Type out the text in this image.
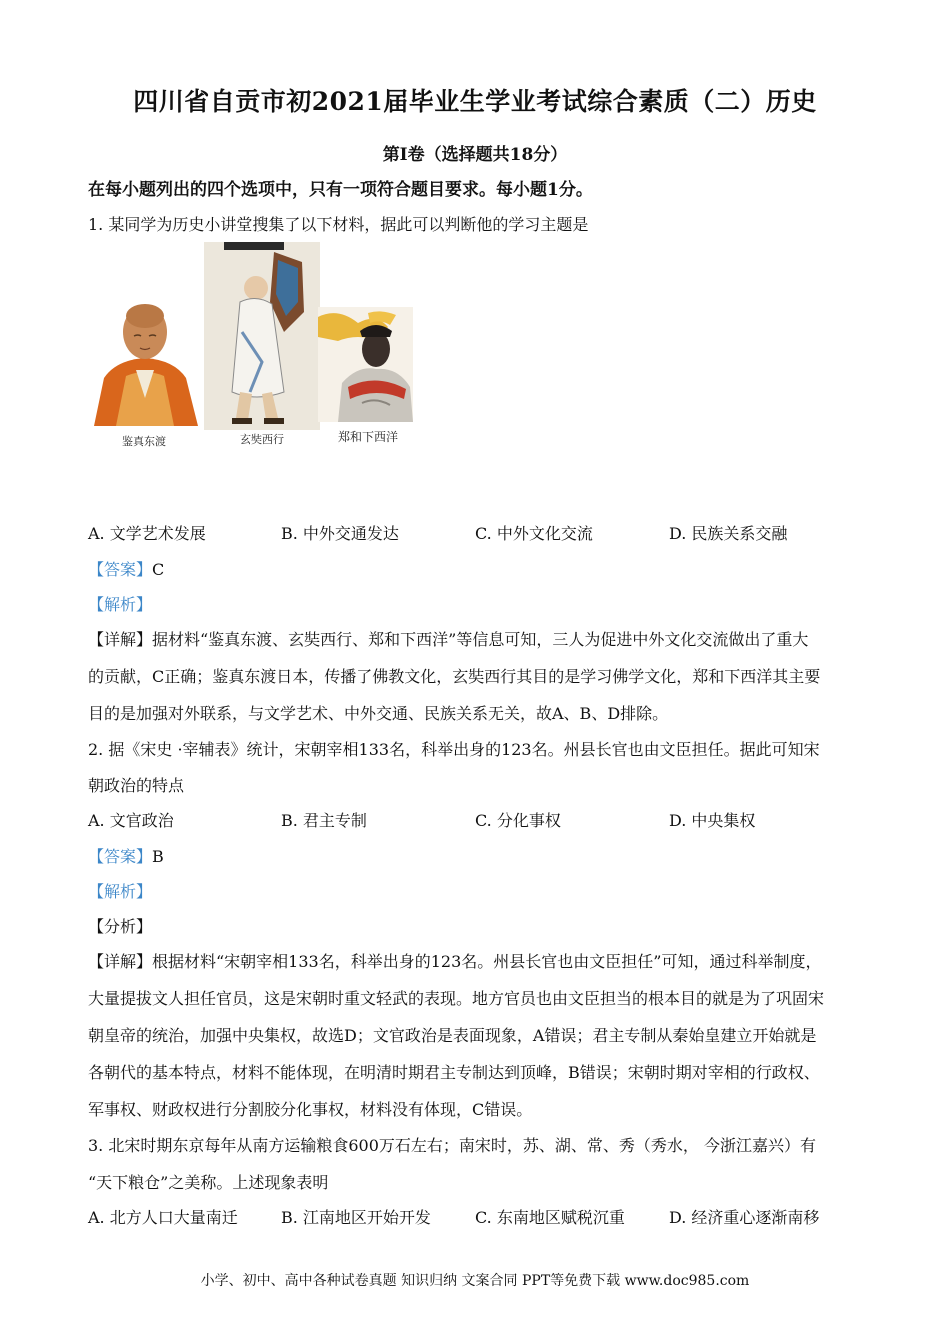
四川省自贡市初2021届毕业生学业考试综合素质（二）历史
第Ⅰ卷（选择题共18分）
在每小题列出的四个选项中，只有一项符合题目要求。每小题1分。
1. 某同学为历史小讲堂搜集了以下材料，据此可以判断他的学习主题是
鉴真东渡	玄奘西行	郑和下西洋
A. 文学艺术发展	B. 中外交通发达	C. 中外文化交流	D. 民族关系交融
【答案】C
【解析】
【详解】据材料“鉴真东渡、玄奘西行、郑和下西洋”等信息可知，三人为促进中外文化交流做出了重大
的贡献，C正确；鉴真东渡日本，传播了佛教文化，玄奘西行其目的是学习佛学文化，郑和下西洋其主要
目的是加强对外联系，与文学艺术、中外交通、民族关系无关，故A、B、D排除。
2. 据《宋史 ·宰辅表》统计，宋朝宰相133名，科举出身的123名。州县长官也由文臣担任。据此可知宋
朝政治的特点
A. 文官政治	B. 君主专制	C. 分化事权	D. 中央集权
【答案】B
【解析】
【分析】
【详解】根据材料“宋朝宰相133名，科举出身的123名。州县长官也由文臣担任”可知，通过科举制度，
大量提拔文人担任官员，这是宋朝时重文轻武的表现。地方官员也由文臣担当的根本目的就是为了巩固宋
朝皇帝的统治，加强中央集权，故选D；文官政治是表面现象，A错误；君主专制从秦始皇建立开始就是
各朝代的基本特点，材料不能体现，在明清时期君主专制达到顶峰，B错误；宋朝时期对宰相的行政权、
军事权、财政权进行分割胶分化事权，材料没有体现，C错误。
3. 北宋时期东京每年从南方运输粮食600万石左右；南宋时，苏、湖、常、秀（秀水， 今浙江嘉兴）有
“天下粮仓”之美称。上述现象表明
A. 北方人口大量南迁	B. 江南地区开始开发	C. 东南地区赋税沉重	D. 经济重心逐渐南移
小学、初中、高中各种试卷真题 知识归纳 文案合同 PPT等免费下载 www.doc985.com
